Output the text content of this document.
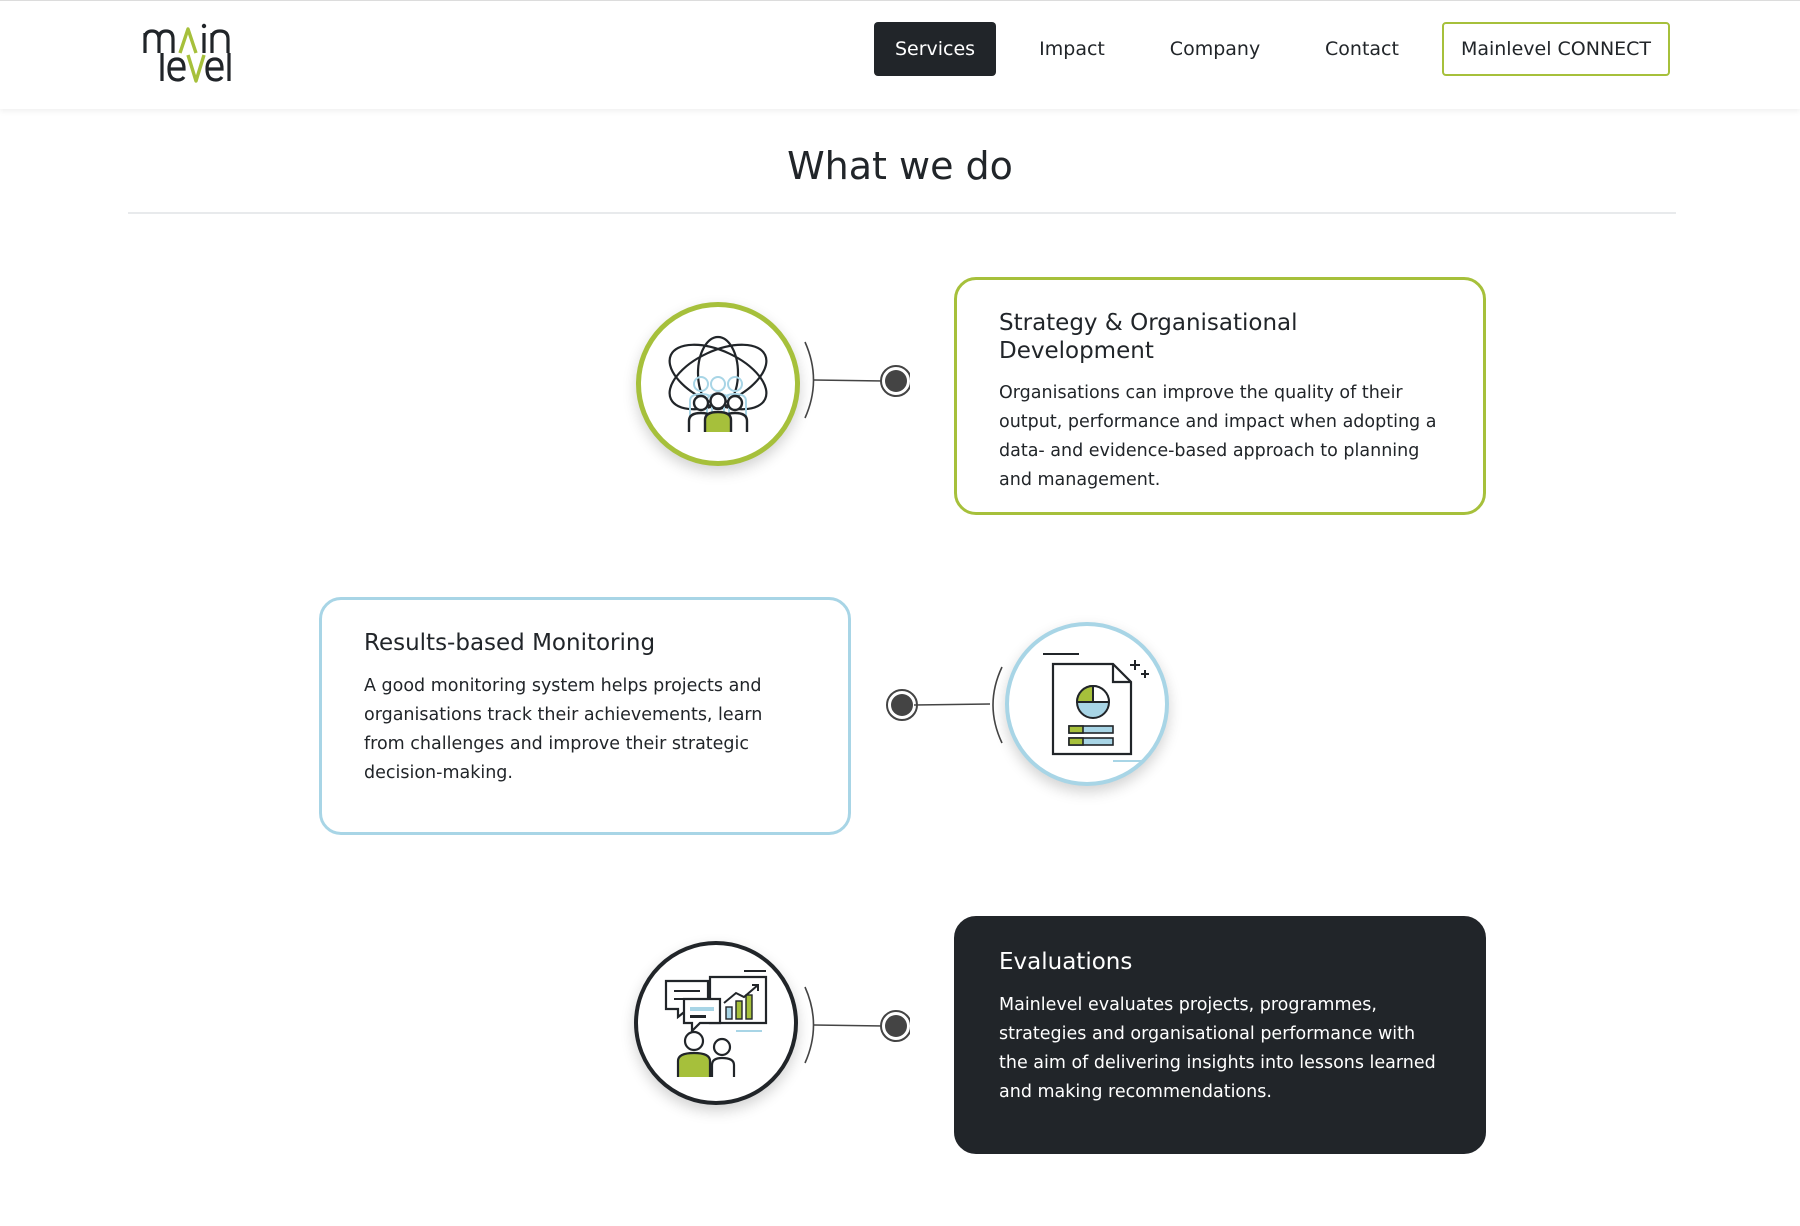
Services	Impact	Company	Contact	Mainlevel CONNECT
What we do
Strategy & Organisational Development

Organisations can improve the quality of their output, performance and impact when adopting a data- and evidence-based approach to planning and management.

Results-based Monitoring

A good monitoring system helps projects and organisations track their achievements, learn from challenges and improve their strategic decision-making.

Evaluations

Mainlevel evaluates projects, programmes, strategies and organisational performance with the aim of delivering insights into lessons learned and making recommendations.
